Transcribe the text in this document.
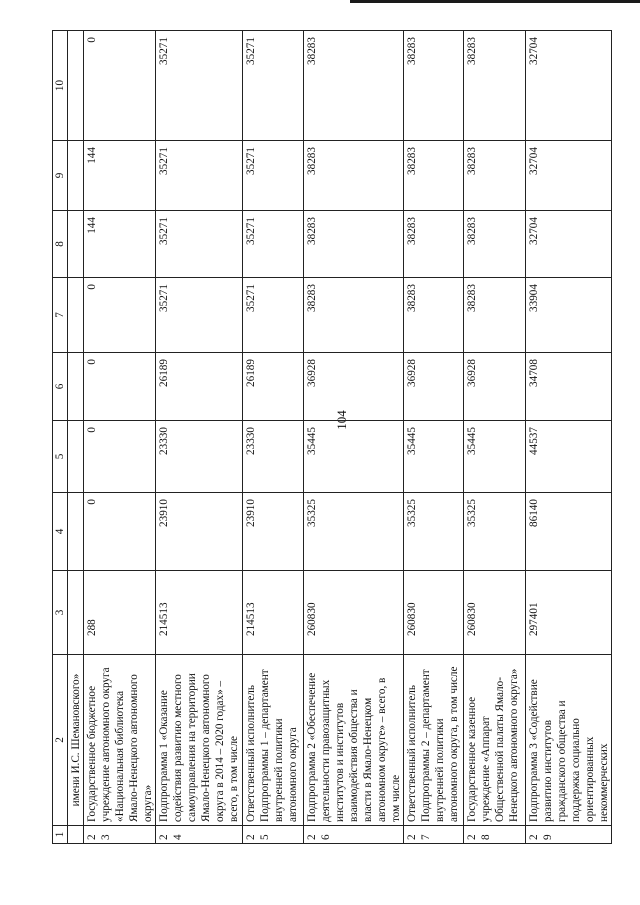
104
1	2	3	4	5	6	7	8	9	10
	имени И.С. Шемановского»								
23	Государственное бюджетное учреждение автономного округа «Национальная библиотека Ямало-Ненецкого автономного округа»	288	0	0	0	0	144	144	0
24	Подпрограмма 1 «Оказание содействия развитию местного самоуправления на территории Ямало-Ненецкого автономного округа в 2014 – 2020 годах» – всего, в том числе	214513	23910	23330	26189	35271	35271	35271	35271
25	Ответственный исполнитель Подпрограммы 1 – департамент внутренней политики автономного округа	214513	23910	23330	26189	35271	35271	35271	35271
26	Подпрограмма 2 «Обеспечение деятельности правозащитных институтов и институтов взаимодействия общества и власти в Ямало-Ненецком автономном округе» – всего, в том числе	260830	35325	35445	36928	38283	38283	38283	38283
27	Ответственный исполнитель Подпрограммы 2 – департамент внутренней политики автономного округа, в том числе	260830	35325	35445	36928	38283	38283	38283	38283
28	Государственное казенное учреждение «Аппарат Общественной палаты Ямало-Ненецкого автономного округа»	260830	35325	35445	36928	38283	38283	38283	38283
29	Подпрограмма 3 «Содействие развитию институтов гражданского общества и поддержка социально ориентированных некоммерческих	297401	86140	44537	34708	33904	32704	32704	32704
